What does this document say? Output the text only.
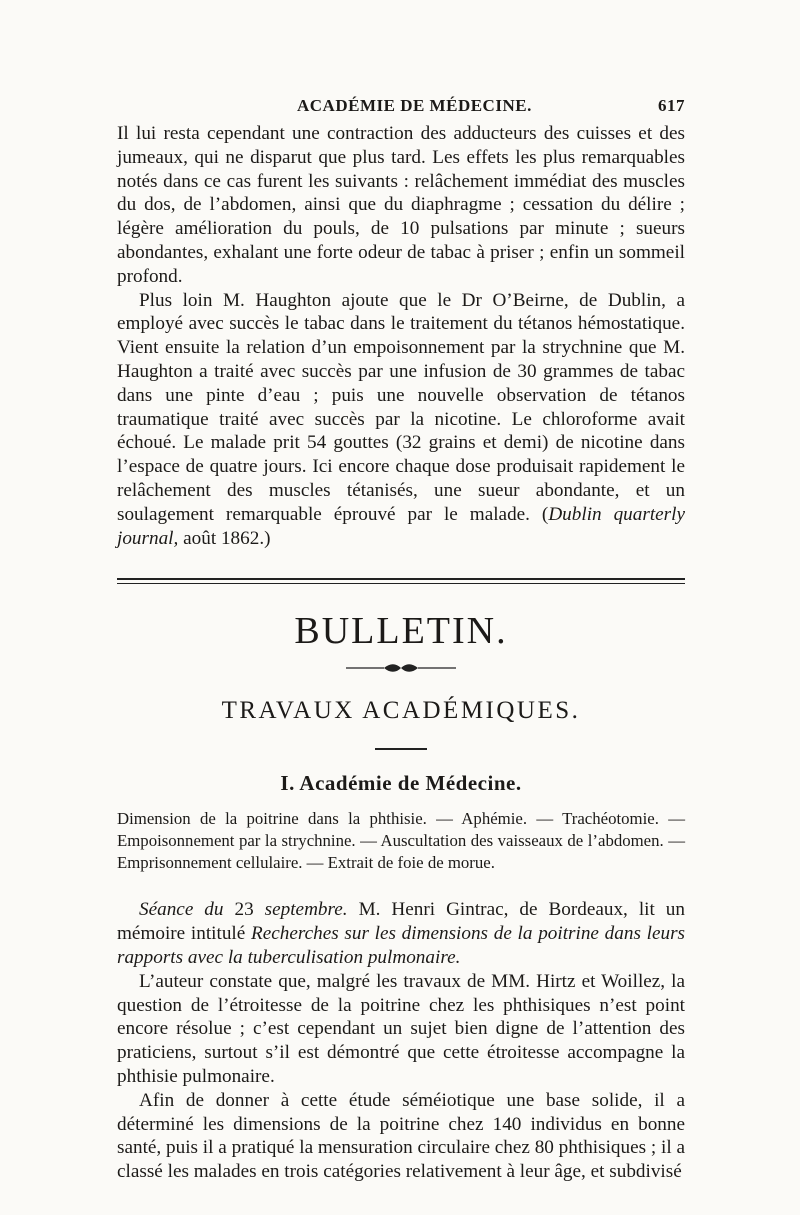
ACADÉMIE DE MÉDECINE.	617

Il lui resta cependant une contraction des adducteurs des cuisses et des jumeaux, qui ne disparut que plus tard. Les effets les plus remarquables notés dans ce cas furent les suivants : relâchement immédiat des muscles du dos, de l’abdomen, ainsi que du diaphragme ; cessation du délire ; légère amélioration du pouls, de 10 pulsations par minute ; sueurs abondantes, exhalant une forte odeur de tabac à priser ; enfin un sommeil profond.

Plus loin M. Haughton ajoute que le Dr O’Beirne, de Dublin, a employé avec succès le tabac dans le traitement du tétanos hémostatique. Vient ensuite la relation d’un empoisonnement par la strychnine que M. Haughton a traité avec succès par une infusion de 30 grammes de tabac dans une pinte d’eau ; puis une nouvelle observation de tétanos traumatique traité avec succès par la nicotine. Le chloroforme avait échoué. Le malade prit 54 gouttes (32 grains et demi) de nicotine dans l’espace de quatre jours. Ici encore chaque dose produisait rapidement le relâchement des muscles tétanisés, une sueur abondante, et un soulagement remarquable éprouvé par le malade. (Dublin quarterly journal, août 1862.)

BULLETIN.
TRAVAUX ACADÉMIQUES.
I. Académie de Médecine.

Dimension de la poitrine dans la phthisie. — Aphémie. — Trachéotomie. — Empoisonnement par la strychnine. — Auscultation des vaisseaux de l’abdomen. — Emprisonnement cellulaire. — Extrait de foie de morue.

Séance du 23 septembre. M. Henri Gintrac, de Bordeaux, lit un mémoire intitulé Recherches sur les dimensions de la poitrine dans leurs rapports avec la tuberculisation pulmonaire.

L’auteur constate que, malgré les travaux de MM. Hirtz et Woillez, la question de l’étroitesse de la poitrine chez les phthisiques n’est point encore résolue ; c’est cependant un sujet bien digne de l’attention des praticiens, surtout s’il est démontré que cette étroitesse accompagne la phthisie pulmonaire.

Afin de donner à cette étude séméiotique une base solide, il a déterminé les dimensions de la poitrine chez 140 individus en bonne santé, puis il a pratiqué la mensuration circulaire chez 80 phthisiques ; il a classé les malades en trois catégories relativement à leur âge, et subdivisé
